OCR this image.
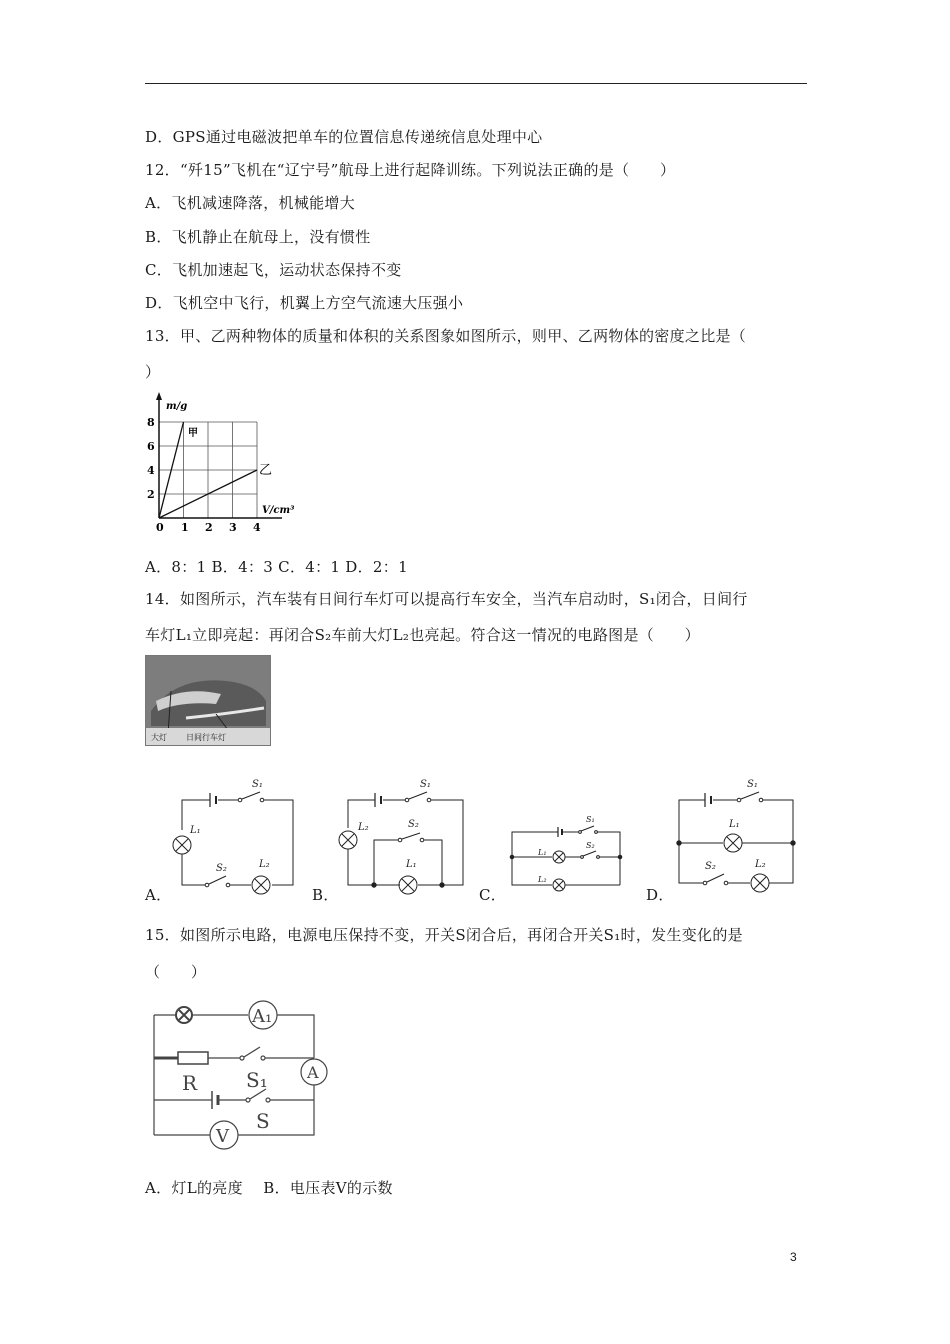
D．GPS通过电磁波把单车的位置信息传递统信息处理中心
12．“歼15”飞机在“辽宁号”航母上进行起降训练。下列说法正确的是（　　）
A．飞机减速降落，机械能增大
B．飞机静止在航母上，没有惯性
C．飞机加速起飞，运动状态保持不变
D．飞机空中飞行，机翼上方空气流速大压强小
13．甲、乙两种物体的质量和体积的关系图象如图所示，则甲、乙两物体的密度之比是（
）
m/g
V/cm³
0 1 2 3 4
2
4
6
8
甲
乙
A．8：1 B．4：3 C．4：1 D．2：1
14．如图所示，汽车装有日间行车灯可以提高行车安全，当汽车启动时，S₁闭合，日间行
车灯L₁立即亮起：再闭合S₂车前大灯L₂也亮起。符合这一情况的电路图是（　　）
大灯 日间行车灯
A．
S₁
L₁
S₂	L₂
B．
S₁
L₂	S₂
L₁
C．
S₁
L₁
S₂
L₂
D．
S₁
L₁
S₂	L₂
15．如图所示电路，电源电压保持不变，开关S闭合后，再闭合开关S₁时，发生变化的是
（　　）
A₁
A
R S₁
S
V
A．灯L的亮度　 B．电压表V的示数
3
